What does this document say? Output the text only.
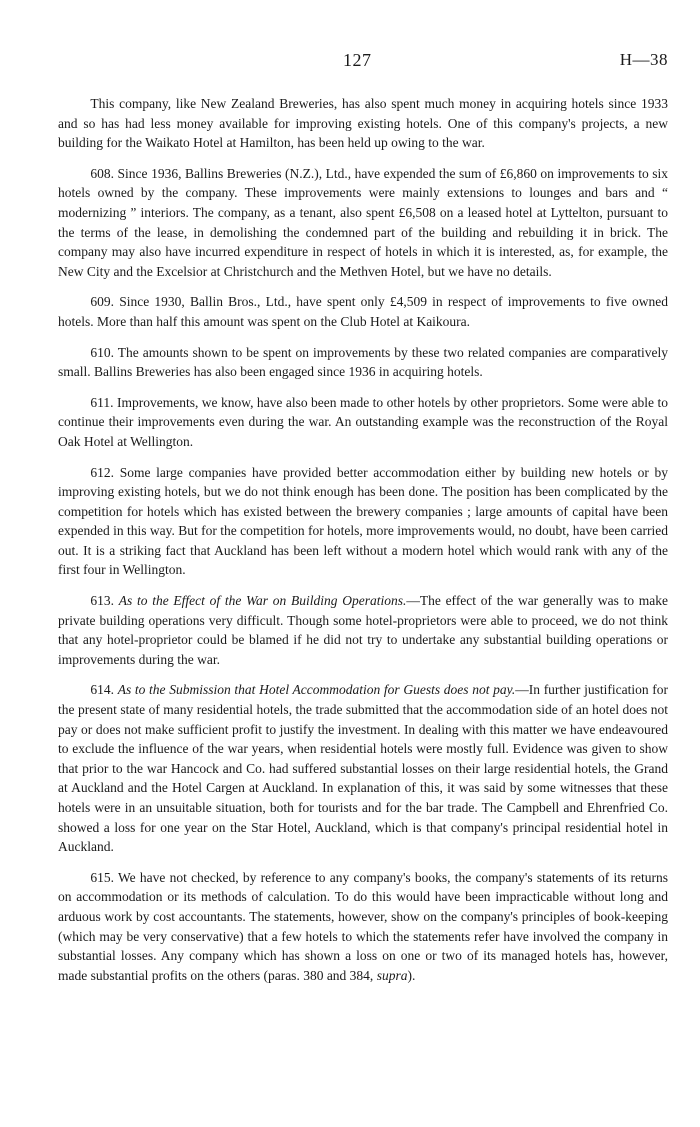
127	H—38

This company, like New Zealand Breweries, has also spent much money in acquiring hotels since 1933 and so has had less money available for improving existing hotels. One of this company's projects, a new building for the Waikato Hotel at Hamilton, has been held up owing to the war.

608. Since 1936, Ballins Breweries (N.Z.), Ltd., have expended the sum of £6,860 on improvements to six hotels owned by the company. These improvements were mainly extensions to lounges and bars and “ modernizing ” interiors. The company, as a tenant, also spent £6,508 on a leased hotel at Lyttelton, pursuant to the terms of the lease, in demolishing the condemned part of the building and rebuilding it in brick. The company may also have incurred expenditure in respect of hotels in which it is interested, as, for example, the New City and the Excelsior at Christchurch and the Methven Hotel, but we have no details.

609. Since 1930, Ballin Bros., Ltd., have spent only £4,509 in respect of improvements to five owned hotels. More than half this amount was spent on the Club Hotel at Kaikoura.

610. The amounts shown to be spent on improvements by these two related companies are comparatively small. Ballins Breweries has also been engaged since 1936 in acquiring hotels.

611. Improvements, we know, have also been made to other hotels by other proprietors. Some were able to continue their improvements even during the war. An outstanding example was the reconstruction of the Royal Oak Hotel at Wellington.

612. Some large companies have provided better accommodation either by building new hotels or by improving existing hotels, but we do not think enough has been done. The position has been complicated by the competition for hotels which has existed between the brewery companies ; large amounts of capital have been expended in this way. But for the competition for hotels, more improvements would, no doubt, have been carried out. It is a striking fact that Auckland has been left without a modern hotel which would rank with any of the first four in Wellington.

613. As to the Effect of the War on Building Operations.—The effect of the war generally was to make private building operations very difficult. Though some hotel-proprietors were able to proceed, we do not think that any hotel-proprietor could be blamed if he did not try to undertake any substantial building operations or improvements during the war.

614. As to the Submission that Hotel Accommodation for Guests does not pay.—In further justification for the present state of many residential hotels, the trade submitted that the accommodation side of an hotel does not pay or does not make sufficient profit to justify the investment. In dealing with this matter we have endeavoured to exclude the influence of the war years, when residential hotels were mostly full. Evidence was given to show that prior to the war Hancock and Co. had suffered substantial losses on their large residential hotels, the Grand at Auckland and the Hotel Cargen at Auckland. In explanation of this, it was said by some witnesses that these hotels were in an unsuitable situation, both for tourists and for the bar trade. The Campbell and Ehrenfried Co. showed a loss for one year on the Star Hotel, Auckland, which is that company's principal residential hotel in Auckland.

615. We have not checked, by reference to any company's books, the company's statements of its returns on accommodation or its methods of calculation. To do this would have been impracticable without long and arduous work by cost accountants. The statements, however, show on the company's principles of book-keeping (which may be very conservative) that a few hotels to which the statements refer have involved the company in substantial losses. Any company which has shown a loss on one or two of its managed hotels has, however, made substantial profits on the others (paras. 380 and 384, supra).
